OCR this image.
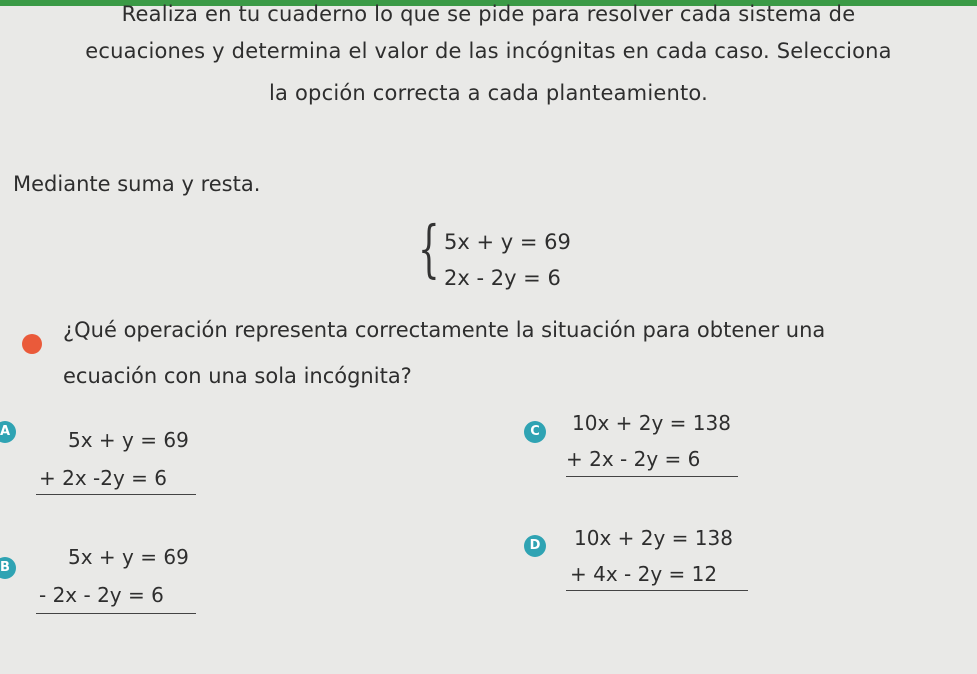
Realiza en tu cuaderno lo que se pide para resolver cada sistema de
ecuaciones y determina el valor de las incógnitas en cada caso. Selecciona
la opción correcta a cada planteamiento.
Mediante suma y resta.
{ 5x + y = 69
2x - 2y = 6
¿Qué operación representa correctamente la situación para obtener una
ecuación con una sola incógnita?
A	5x + y = 69
+ 2x -2y = 6
B	5x + y = 69
- 2x - 2y = 6
C	10x + 2y = 138
+ 2x - 2y = 6
D 10x + 2y = 138
+ 4x - 2y = 12
